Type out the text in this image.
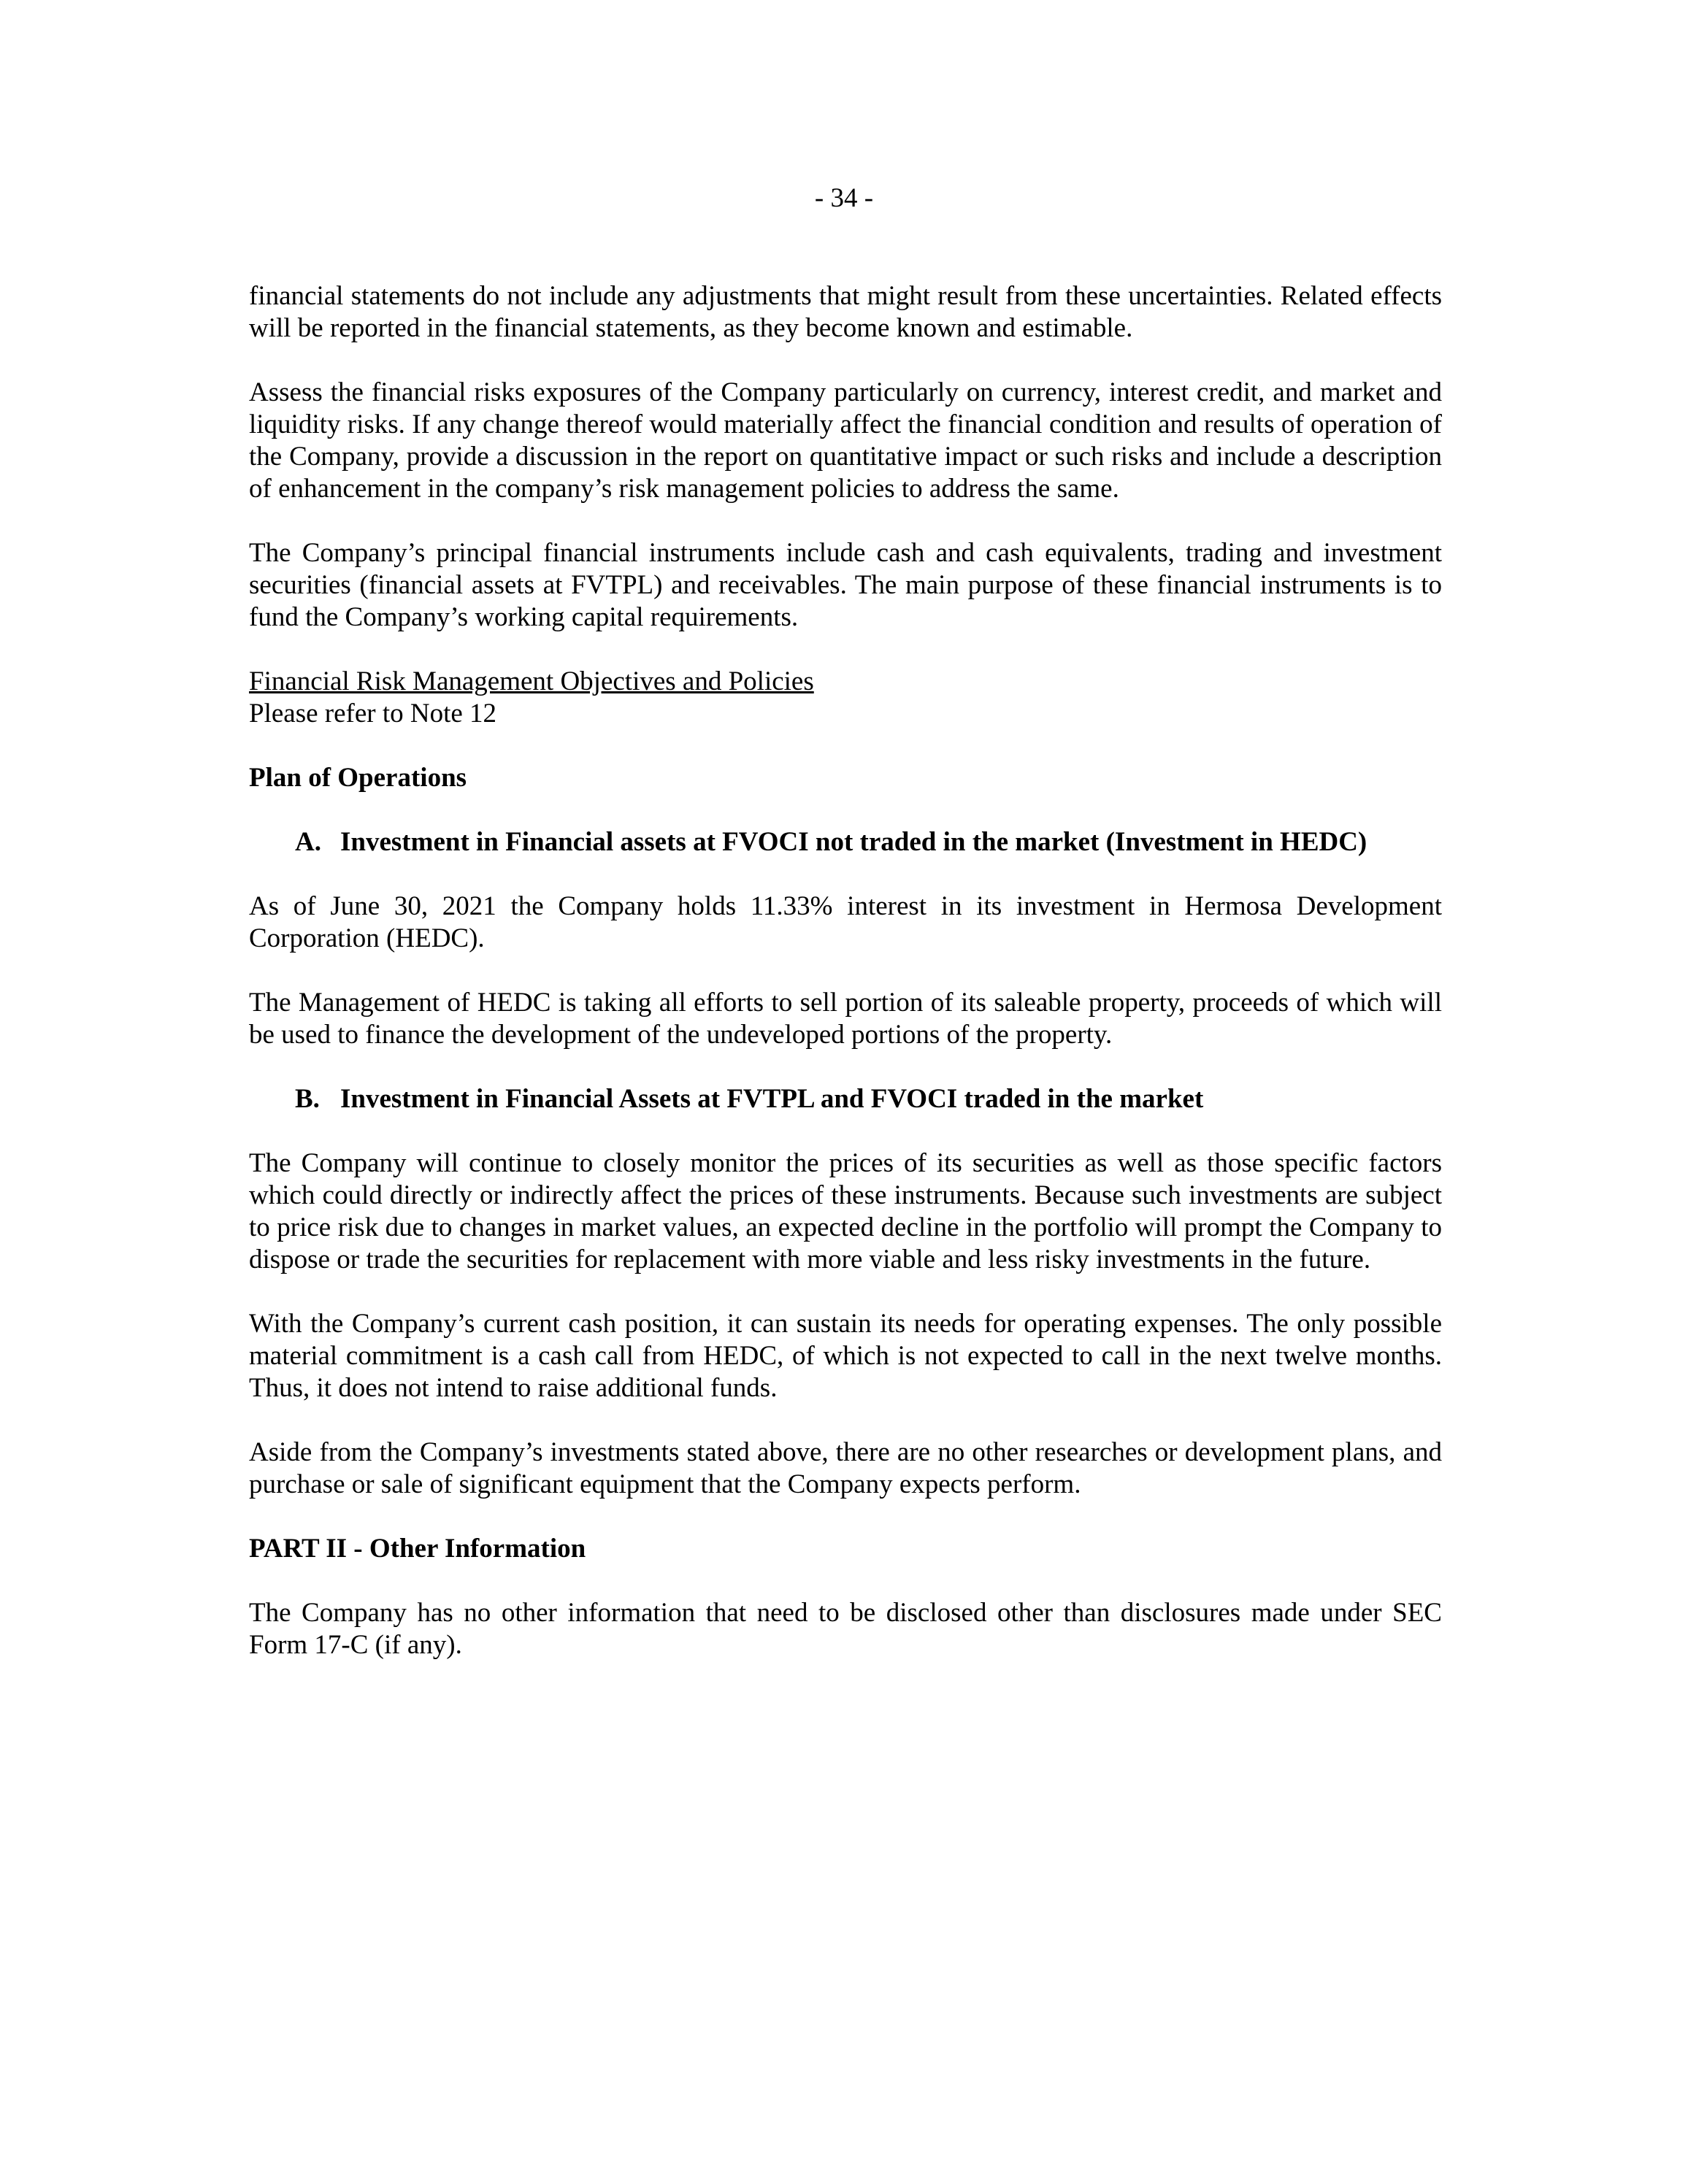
- 34 -

financial statements do not include any adjustments that might result from these uncertainties. Related effects will be reported in the financial statements, as they become known and estimable.

Assess the financial risks exposures of the Company particularly on currency, interest credit, and market and liquidity risks. If any change thereof would materially affect the financial condition and results of operation of the Company, provide a discussion in the report on quantitative impact or such risks and include a description of enhancement in the company’s risk management policies to address the same.

The Company’s principal financial instruments include cash and cash equivalents, trading and investment securities (financial assets at FVTPL) and receivables. The main purpose of these financial instruments is to fund the Company’s working capital requirements.

Financial Risk Management Objectives and Policies

Please refer to Note 12

Plan of Operations
A. Investment in Financial assets at FVOCI not traded in the market (Investment in HEDC)

As of June 30, 2021 the Company holds 11.33% interest in its investment in Hermosa Development Corporation (HEDC).

The Management of HEDC is taking all efforts to sell portion of its saleable property, proceeds of which will be used to finance the development of the undeveloped portions of the property.

B. Investment in Financial Assets at FVTPL and FVOCI traded in the market

The Company will continue to closely monitor the prices of its securities as well as those specific factors which could directly or indirectly affect the prices of these instruments. Because such investments are subject to price risk due to changes in market values, an expected decline in the portfolio will prompt the Company to dispose or trade the securities for replacement with more viable and less risky investments in the future.

With the Company’s current cash position, it can sustain its needs for operating expenses. The only possible material commitment is a cash call from HEDC, of which is not expected to call in the next twelve months. Thus, it does not intend to raise additional funds.

Aside from the Company’s investments stated above, there are no other researches or development plans, and purchase or sale of significant equipment that the Company expects perform.

PART II - Other Information

The Company has no other information that need to be disclosed other than disclosures made under SEC Form 17-C (if any).
